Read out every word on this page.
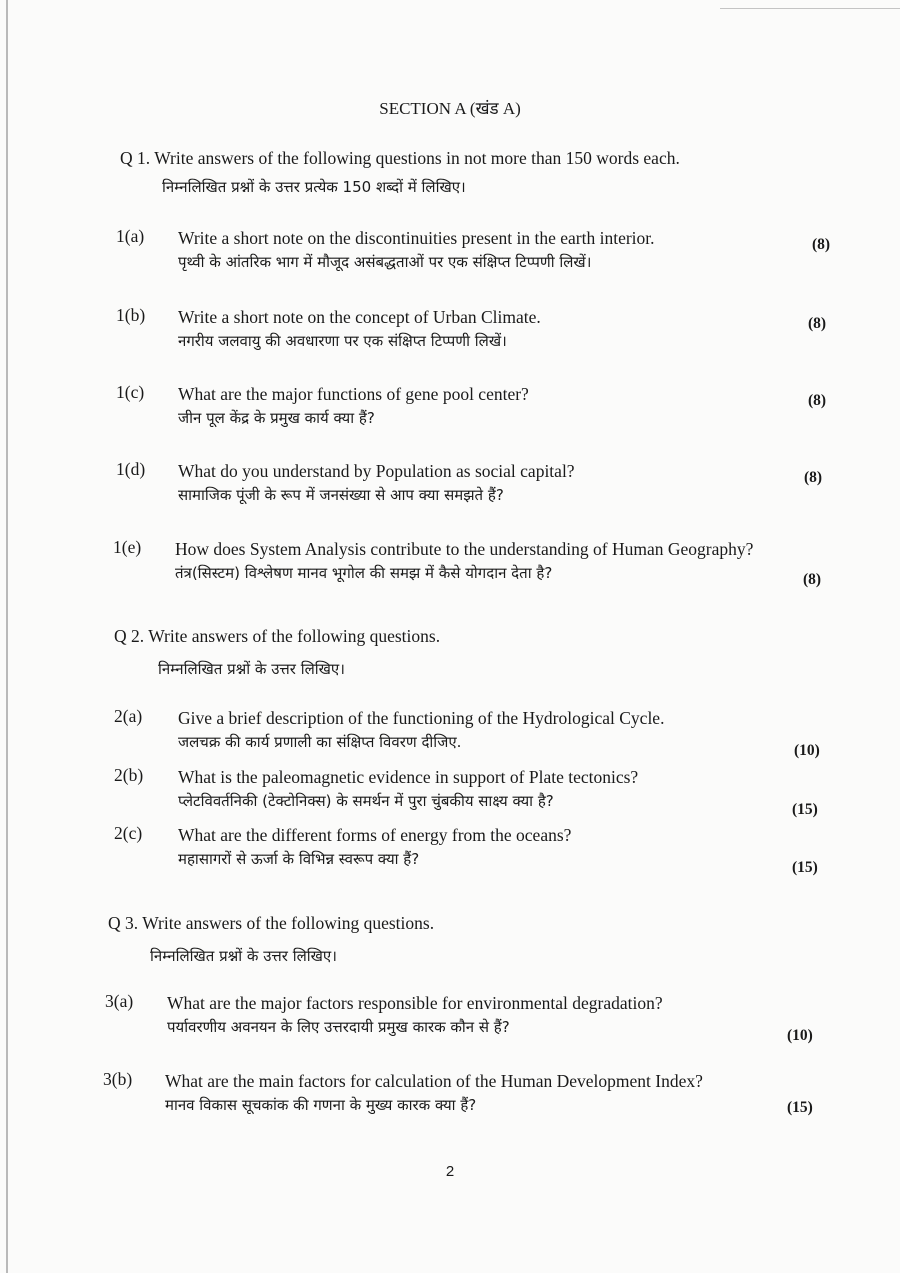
SECTION A (खंड A)
Q 1. Write answers of the following questions in not more than 150 words each.
निम्नलिखित प्रश्नों के उत्तर प्रत्येक 150 शब्दों में लिखिए।
1(a) Write a short note on the discontinuities present in the earth interior.
पृथ्वी के आंतरिक भाग में मौजूद असंबद्धताओं पर एक संक्षिप्त टिप्पणी लिखें।
(8)
1(b) Write a short note on the concept of Urban Climate.
नगरीय जलवायु की अवधारणा पर एक संक्षिप्त टिप्पणी लिखें।
(8)
1(c) What are the major functions of gene pool center?
जीन पूल केंद्र के प्रमुख कार्य क्या हैं?
(8)
1(d) What do you understand by Population as social capital?
सामाजिक पूंजी के रूप में जनसंख्या से आप क्या समझते हैं?
(8)
1(e) How does System Analysis contribute to the understanding of Human Geography?
तंत्र(सिस्टम) विश्लेषण मानव भूगोल की समझ में कैसे योगदान देता है?	(8)
Q 2. Write answers of the following questions.
निम्नलिखित प्रश्नों के उत्तर लिखिए।
2(a) Give a brief description of the functioning of the Hydrological Cycle.
जलचक्र की कार्य प्रणाली का संक्षिप्त विवरण दीजिए.	(10)
2(b) What is the paleomagnetic evidence in support of Plate tectonics?
प्लेटविवर्तनिकी (टेक्टोनिक्स) के समर्थन में पुरा चुंबकीय साक्ष्य क्या है?	(15)
2(c) What are the different forms of energy from the oceans?
महासागरों से ऊर्जा के विभिन्न स्वरूप क्या हैं?	(15)
Q 3. Write answers of the following questions.
निम्नलिखित प्रश्नों के उत्तर लिखिए।
3(a) What are the major factors responsible for environmental degradation?
पर्यावरणीय अवनयन के लिए उत्तरदायी प्रमुख कारक कौन से हैं?	(10)
3(b) What are the main factors for calculation of the Human Development Index?
मानव विकास सूचकांक की गणना के मुख्य कारक क्या हैं?	(15)
2
